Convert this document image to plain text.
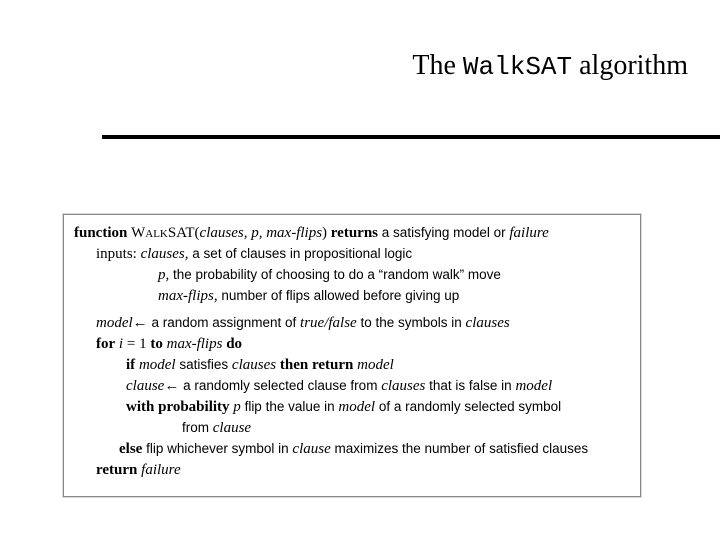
The WalkSAT algorithm
function WalkSAT(clauses, p, max-flips) returns a satisfying model or failure
inputs: clauses, a set of clauses in propositional logic
p, the probability of choosing to do a “random walk” move
max-flips, number of flips allowed before giving up
model← a random assignment of true/false to the symbols in clauses
for i = 1 to max-flips do
if model satisfies clauses then return model
clause← a randomly selected clause from clauses that is false in model
with probability p flip the value in model of a randomly selected symbol
from clause
else flip whichever symbol in clause maximizes the number of satisfied clauses
return failure
